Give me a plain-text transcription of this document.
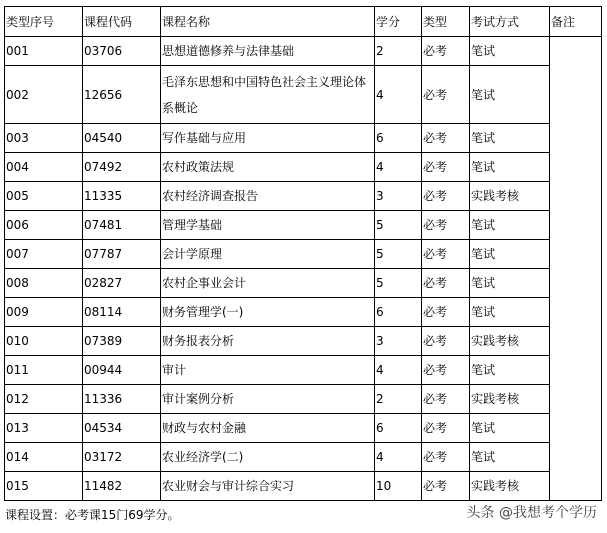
类型序号	课程代码	课程名称	学分	类型	考试方式	备注
001	03706	思想道德修养与法律基础	2	必考	笔试	
002	12656	毛泽东思想和中国特色社会主义理论体系概论	4	必考	笔试	
003	04540	写作基础与应用	6	必考	笔试	
004	07492	农村政策法规	4	必考	笔试	
005	11335	农村经济调查报告	3	必考	实践考核	
006	07481	管理学基础	5	必考	笔试	
007	07787	会计学原理	5	必考	笔试	
008	02827	农村企事业会计	5	必考	笔试	
009	08114	财务管理学(一)	6	必考	笔试	
010	07389	财务报表分析	3	必考	实践考核	
011	00944	审计	4	必考	笔试	
012	11336	审计案例分析	2	必考	实践考核	
013	04534	财政与农村金融	6	必考	笔试	
014	03172	农业经济学(二)	4	必考	笔试	
015	11482	农业财会与审计综合实习	10	必考	实践考核	
课程设置：必考课15门69学分。	头条 @我想考个学历
